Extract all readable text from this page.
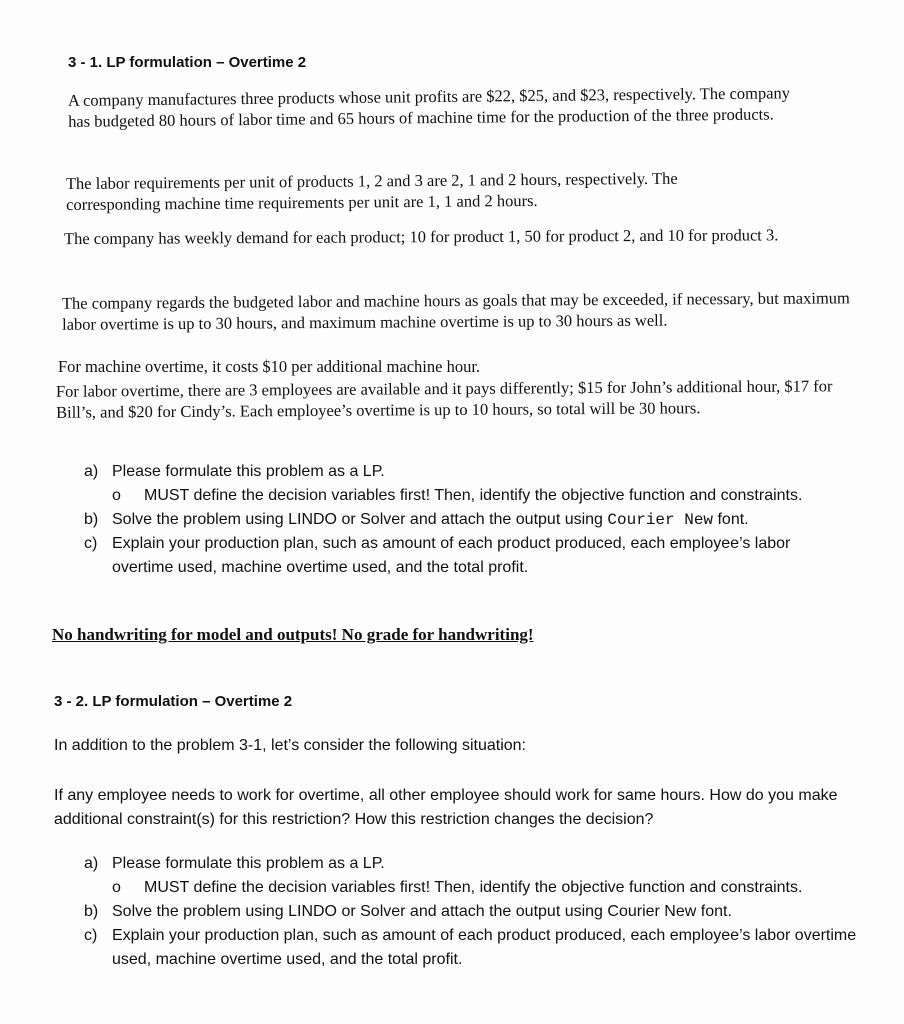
3 - 1. LP formulation – Overtime 2
A company manufactures three products whose unit profits are $22, $25, and $23, respectively. The company has budgeted 80 hours of labor time and 65 hours of machine time for the production of the three products.
The labor requirements per unit of products 1, 2 and 3 are 2, 1 and 2 hours, respectively. The corresponding machine time requirements per unit are 1, 1 and 2 hours.
The company has weekly demand for each product; 10 for product 1, 50 for product 2, and 10 for product 3.
The company regards the budgeted labor and machine hours as goals that may be exceeded, if necessary, but maximum labor overtime is up to 30 hours, and maximum machine overtime is up to 30 hours as well.
For machine overtime, it costs $10 per additional machine hour.
For labor overtime, there are 3 employees are available and it pays differently; $15 for John’s additional hour, $17 for Bill’s, and $20 for Cindy’s. Each employee’s overtime is up to 10 hours, so total will be 30 hours.
a) Please formulate this problem as a LP.
o MUST define the decision variables first! Then, identify the objective function and constraints.
b) Solve the problem using LINDO or Solver and attach the output using Courier New font.
c) Explain your production plan, such as amount of each product produced, each employee’s labor overtime used, machine overtime used, and the total profit.
No handwriting for model and outputs! No grade for handwriting!
3 - 2. LP formulation – Overtime 2
In addition to the problem 3-1, let’s consider the following situation:
If any employee needs to work for overtime, all other employee should work for same hours. How do you make additional constraint(s) for this restriction? How this restriction changes the decision?
a) Please formulate this problem as a LP.
o MUST define the decision variables first! Then, identify the objective function and constraints.
b) Solve the problem using LINDO or Solver and attach the output using Courier New font.
c) Explain your production plan, such as amount of each product produced, each employee’s labor overtime used, machine overtime used, and the total profit.
